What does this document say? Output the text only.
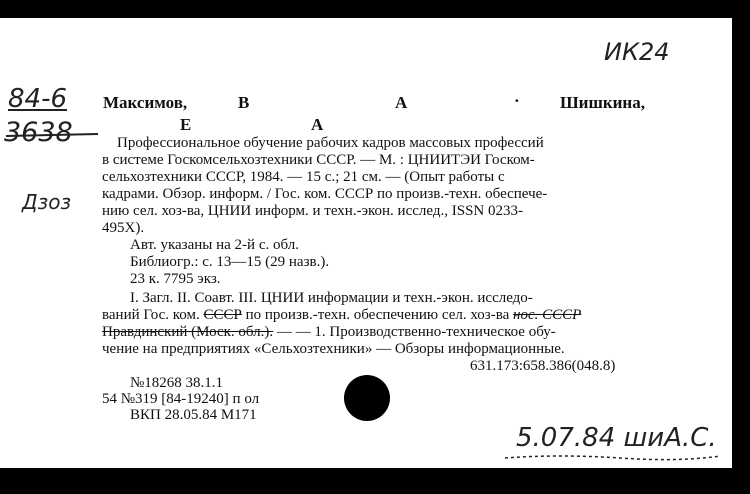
ИК24
84-6
3638
Дзоз
Максимов,	В	А	· Шишкина,
Е	А
Профессиональное обучение рабочих кадров массовых профессий
в системе Госкомсельхозтехники СССР. — М. : ЦНИИТЭИ Госком-
сельхозтехники СССР, 1984. — 15 с.; 21 см. — (Опыт работы с
кадрами. Обзор. информ. / Гос. ком. СССР по произв.-техн. обеспече-
нию сел. хоз-ва, ЦНИИ информ. и техн.-экон. исслед., ISSN 0233-
495X).
Авт. указаны на 2-й с. обл.
Библиогр.: с. 13—15 (29 назв.).
23 к. 7795 экз.
I. Загл. II. Соавт. III. ЦНИИ информации и техн.-экон. исследо-
ваний Гос. ком. СССР по произв.-техн. обеспечению сел. хоз-ва нос. СССР
Правдинский (Моск. обл.). — — 1. Производственно-техническое обу-
чение на предприятиях «Сельхозтехники» — Обзоры информационные.
631.173:658.386(048.8)
№18268 38.1.1
54 №319 [84-19240] п ол
ВКП 28.05.84 М171
5.07.84 шиА.С.
